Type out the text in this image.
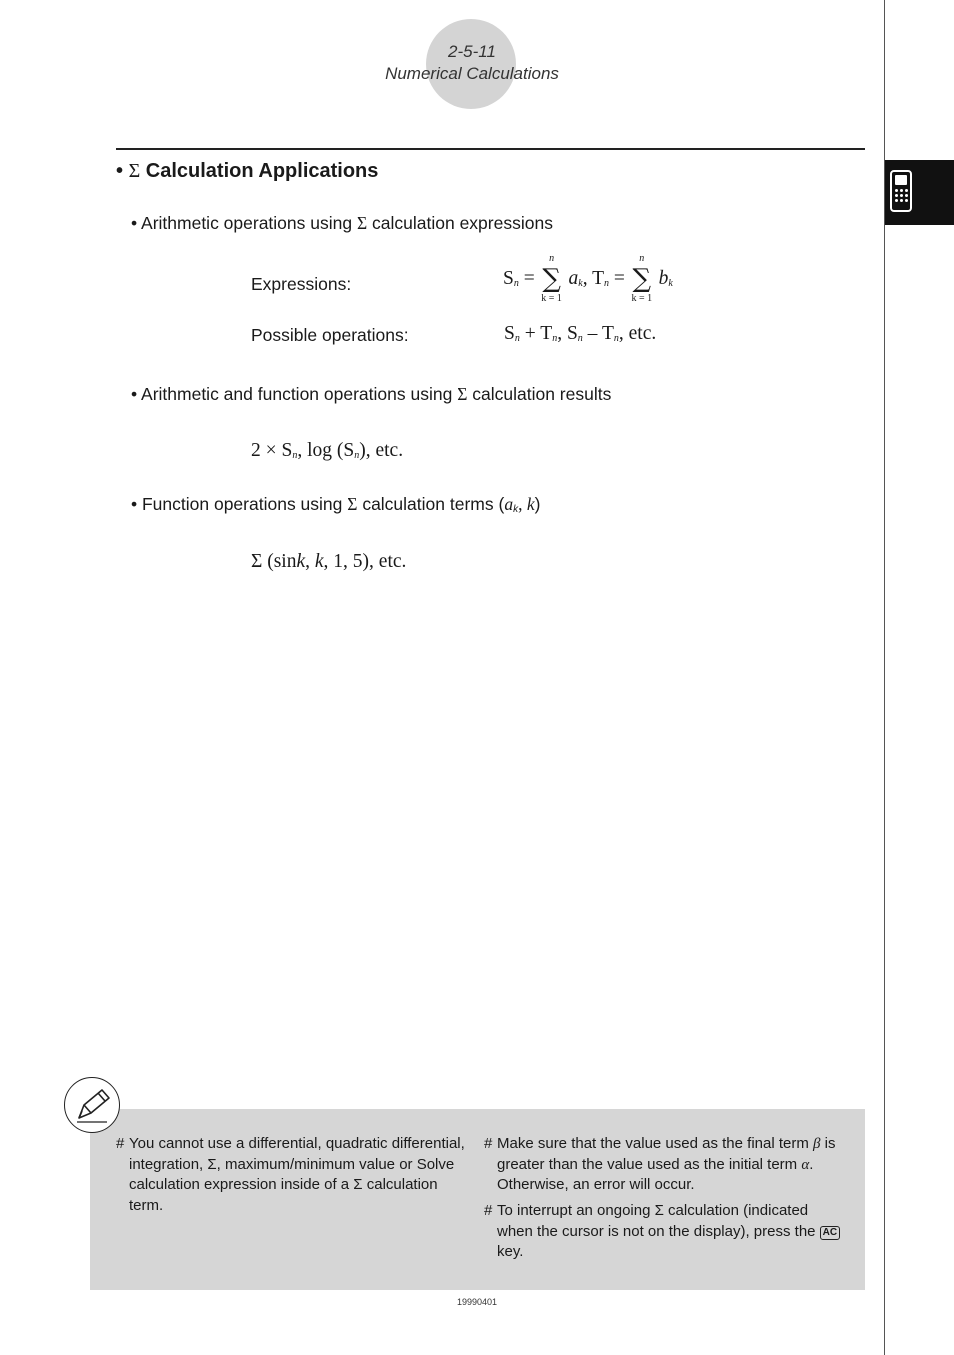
2-5-11
Numerical Calculations
• Σ Calculation Applications
• Arithmetic operations using Σ calculation expressions
Expressions:	Sn =
n
∑
k = 1
ak, Tn =
n
∑
k = 1
bk
Possible operations:	Sn + Tn, Sn – Tn, etc.
• Arithmetic and function operations using Σ calculation results
2 × Sn, log (Sn), etc.
• Function operations using Σ calculation terms (ak, k)
Σ (sink, k, 1, 5), etc.
# You cannot use a differential, quadratic differential, integration, Σ, maximum/minimum value or Solve calculation expression inside of a Σ calculation term.
# Make sure that the value used as the final term β is greater than the value used as the initial term α. Otherwise, an error will occur.
# To interrupt an ongoing Σ calculation (indicated when the cursor is not on the display), press the AC key.
19990401
